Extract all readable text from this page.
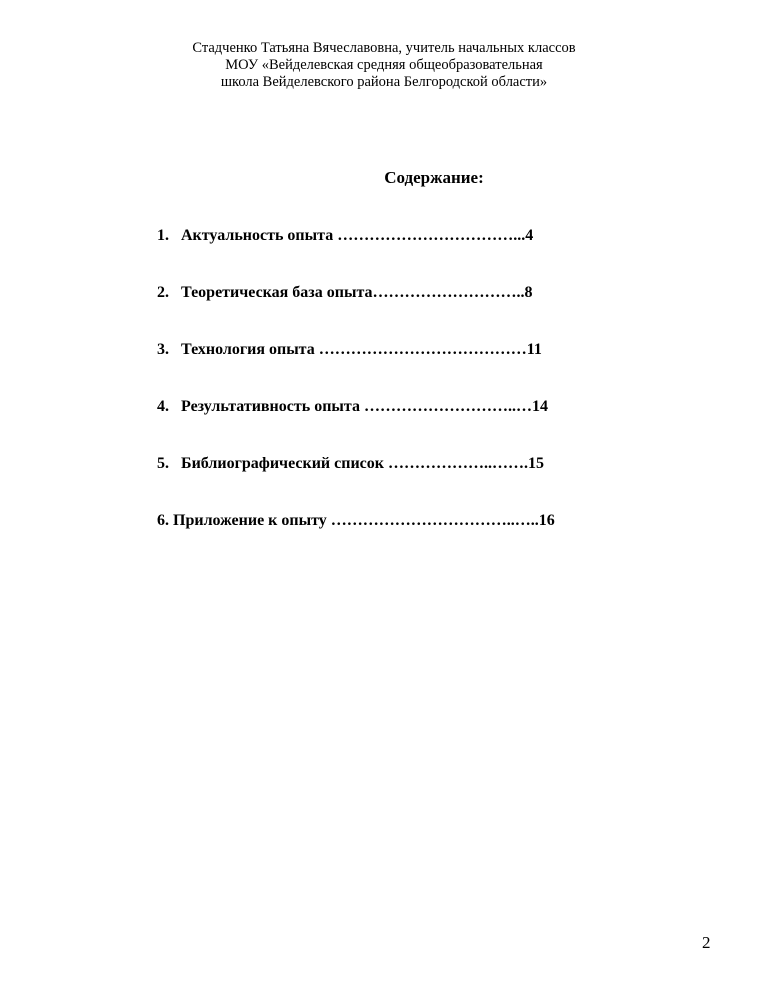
Стадченко Татьяна Вячеславовна, учитель начальных классов
МОУ «Вейделевская средняя общеобразовательная
школа Вейделевского района Белгородской области»
Содержание:
1. Актуальность опыта ……………………………...4
2. Теоретическая база опыта………………………..8
3. Технология опыта …………………………………11
4. Результативность опыта ………………………..…14
5. Библиографический список ………………..…….15
6. Приложение к опыту ……………………………..…..16
2
